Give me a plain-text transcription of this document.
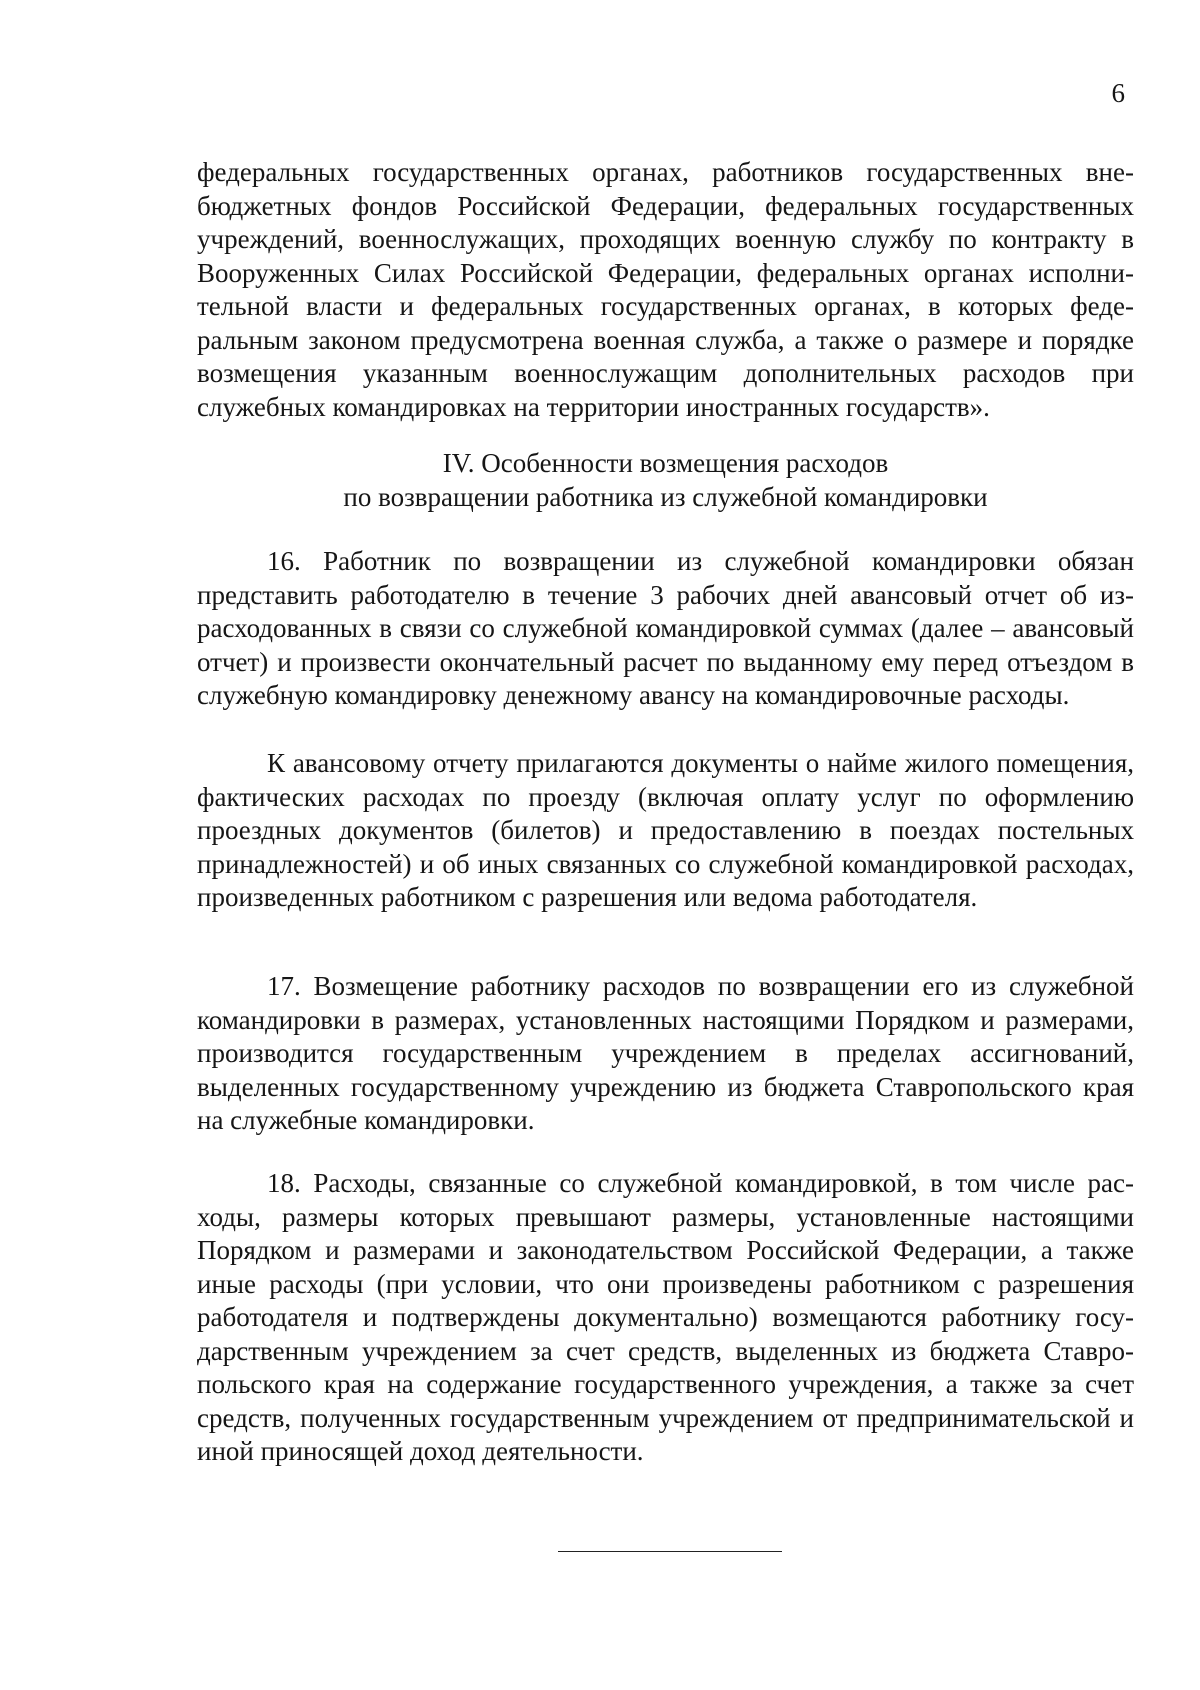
6

федеральных государственных органах, работников государственных внебюджетных фондов Российской Федерации, федеральных государственных учреждений, военнослужащих, проходящих военную службу по контракту в Вооруженных Силах Российской Федерации, федеральных органах исполнительной власти и федеральных государственных органах, в которых федеральным законом предусмотрена военная служба, а также о размере и порядке возмещения указанным военнослужащим дополнительных расходов при служебных командировках на территории иностранных государств».

IV. Особенности возмещения расходов
по возвращении работника из служебной командировки

16. Работник по возвращении из служебной командировки обязан представить работодателю в течение 3 рабочих дней авансовый отчет об израсходованных в связи со служебной командировкой суммах (далее – авансовый отчет) и произвести окончательный расчет по выданному ему перед отъездом в служебную командировку денежному авансу на командировочные расходы.

К авансовому отчету прилагаются документы о найме жилого помещения, фактических расходах по проезду (включая оплату услуг по оформлению проездных документов (билетов) и предоставлению в поездах постельных принадлежностей) и об иных связанных со служебной командировкой расходах, произведенных работником с разрешения или ведома работодателя.

17. Возмещение работнику расходов по возвращении его из служебной командировки в размерах, установленных настоящими Порядком и размерами, производится государственным учреждением в пределах ассигнований, выделенных государственному учреждению из бюджета Ставропольского края на служебные командировки.

18. Расходы, связанные со служебной командировкой, в том числе расходы, размеры которых превышают размеры, установленные настоящими Порядком и размерами и законодательством Российской Федерации, а также иные расходы (при условии, что они произведены работником с разрешения работодателя и подтверждены документально) возмещаются работнику государственным учреждением за счет средств, выделенных из бюджета Ставропольского края на содержание государственного учреждения, а также за счет средств, полученных государственным учреждением от предпринимательской и иной приносящей доход деятельности.
